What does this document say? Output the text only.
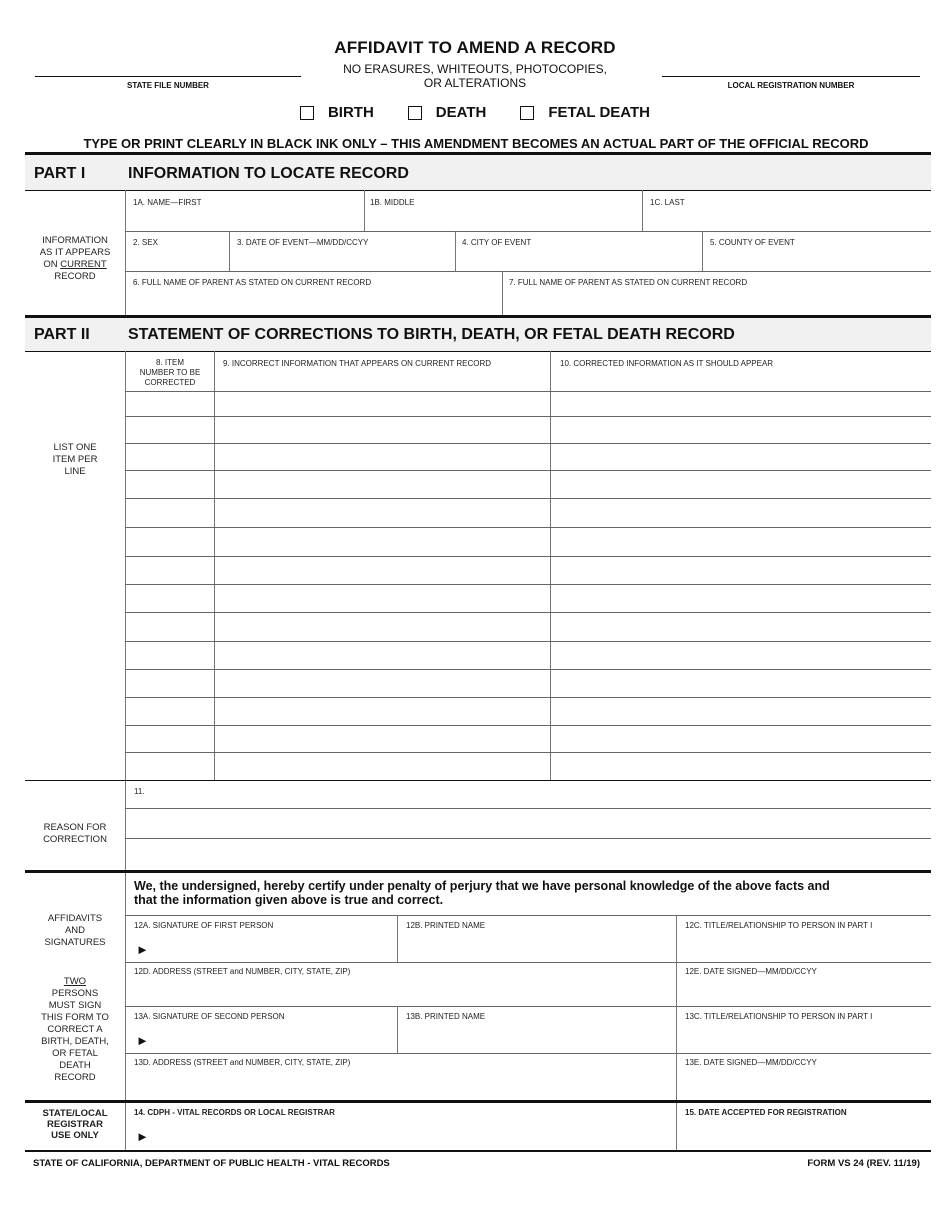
AFFIDAVIT TO AMEND A RECORD
NO ERASURES, WHITEOUTS, PHOTOCOPIES,
OR ALTERATIONS
STATE FILE NUMBER	LOCAL REGISTRATION NUMBER
BIRTH	DEATH	FETAL DEATH
TYPE OR PRINT CLEARLY IN BLACK INK ONLY – THIS AMENDMENT BECOMES AN ACTUAL PART OF THE OFFICIAL RECORD
PART I	INFORMATION TO LOCATE RECORD
INFORMATION
AS IT APPEARS
ON CURRENT
RECORD
1A. NAME—FIRST	1B. MIDDLE	1C. LAST
2. SEX	3. DATE OF EVENT—MM/DD/CCYY	4. CITY OF EVENT	5. COUNTY OF EVENT
6. FULL NAME OF PARENT AS STATED ON CURRENT RECORD	7. FULL NAME OF PARENT AS STATED ON CURRENT RECORD
PART II STATEMENT OF CORRECTIONS TO BIRTH, DEATH, OR FETAL DEATH RECORD
LIST ONE
ITEM PER
LINE
8. ITEM
NUMBER TO BE
CORRECTED
9. INCORRECT INFORMATION THAT APPEARS ON CURRENT RECORD	10. CORRECTED INFORMATION AS IT SHOULD APPEAR
11.
REASON FOR
CORRECTION
We, the undersigned, hereby certify under penalty of perjury that we have personal knowledge of the above facts and
that the information given above is true and correct.
AFFIDAVITS
AND
SIGNATURES
TWO
PERSONS
MUST SIGN
THIS FORM TO
CORRECT A
BIRTH, DEATH,
OR FETAL
DEATH
RECORD
12A. SIGNATURE OF FIRST PERSON
►
12B. PRINTED NAME	12C. TITLE/RELATIONSHIP TO PERSON IN PART I
12D. ADDRESS (STREET and NUMBER, CITY, STATE, ZIP)	12E. DATE SIGNED—MM/DD/CCYY
13A. SIGNATURE OF SECOND PERSON
►
13B. PRINTED NAME	13C. TITLE/RELATIONSHIP TO PERSON IN PART I
13D. ADDRESS (STREET and NUMBER, CITY, STATE, ZIP)	13E. DATE SIGNED—MM/DD/CCYY
STATE/LOCAL
REGISTRAR
USE ONLY
14. CDPH - VITAL RECORDS OR LOCAL REGISTRAR
►
15. DATE ACCEPTED FOR REGISTRATION
STATE OF CALIFORNIA, DEPARTMENT OF PUBLIC HEALTH - VITAL RECORDS	FORM VS 24 (REV. 11/19)
